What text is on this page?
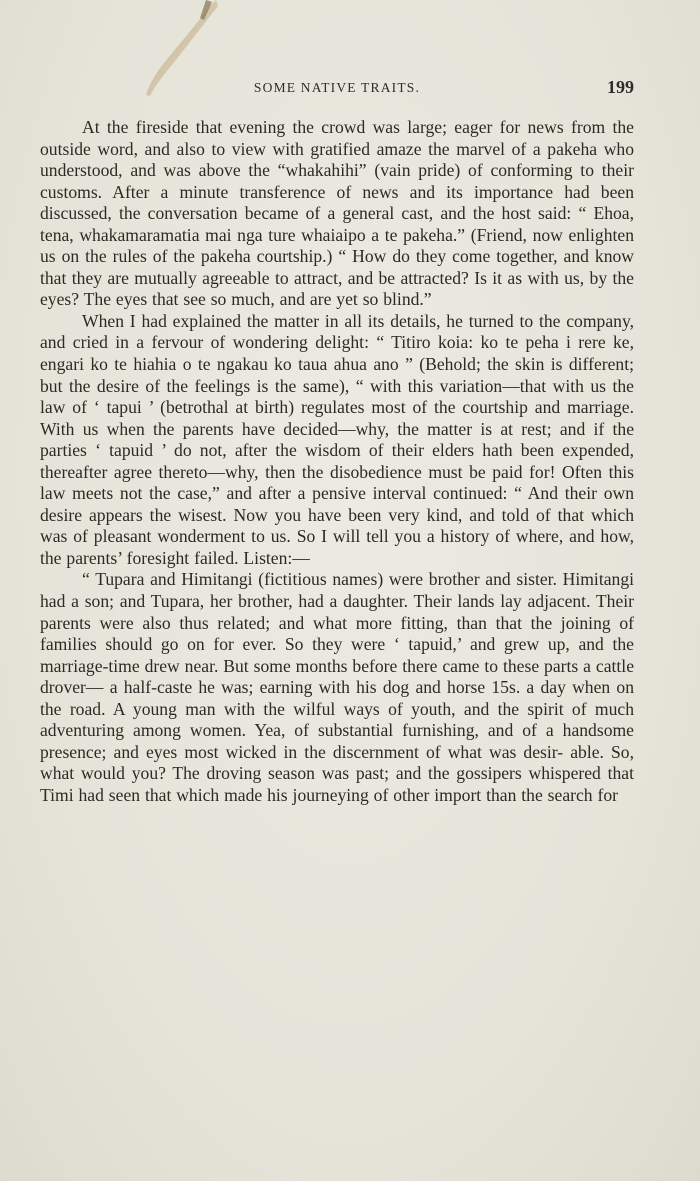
SOME NATIVE TRAITS.	199

At the fireside that evening the crowd was large; eager for news from the outside word, and also to view with gratified amaze the marvel of a pakeha who understood, and was above the “whakahihi” (vain pride) of conforming to their customs. After a minute transference of news and its importance had been discussed, the conversation became of a general cast, and the host said: “ Ehoa, tena, whakamaramatia mai nga ture whaiaipo a te pakeha.” (Friend, now enlighten us on the rules of the pakeha courtship.) “ How do they come together, and know that they are mutually agreeable to attract, and be attracted? Is it as with us, by the eyes? The eyes that see so much, and are yet so blind.”

When I had explained the matter in all its details, he turned to the company, and cried in a fervour of wondering delight: “ Titiro koia: ko te peha i rere ke, engari ko te hiahia o te ngakau ko taua ahua ano ” (Behold; the skin is different; but the desire of the feelings is the same), “ with this variation—that with us the law of ‘ tapui ’ (betrothal at birth) regulates most of the courtship and marriage. With us when the parents have decided—why, the matter is at rest; and if the parties ‘ tapuid ’ do not, after the wisdom of their elders hath been expended, thereafter agree thereto—why, then the disobedience must be paid for! Often this law meets not the case,” and after a pensive interval continued: “ And their own desire appears the wisest. Now you have been very kind, and told of that which was of pleasant wonderment to us. So I will tell you a history of where, and how, the parents’ foresight failed. Listen:—

“ Tupara and Himitangi (fictitious names) were brother and sister. Himitangi had a son; and Tupara, her brother, had a daughter. Their lands lay adjacent. Their parents were also thus related; and what more fitting, than that the joining of families should go on for ever. So they were ‘ tapuid,’ and grew up, and the marriage-time drew near. But some months before there came to these parts a cattle drover— a half-caste he was; earning with his dog and horse 15s. a day when on the road. A young man with the wilful ways of youth, and the spirit of much adventuring among women. Yea, of substantial furnishing, and of a handsome presence; and eyes most wicked in the discernment of what was desir- able. So, what would you? The droving season was past; and the gossipers whispered that Timi had seen that which made his journeying of other import than the search for
